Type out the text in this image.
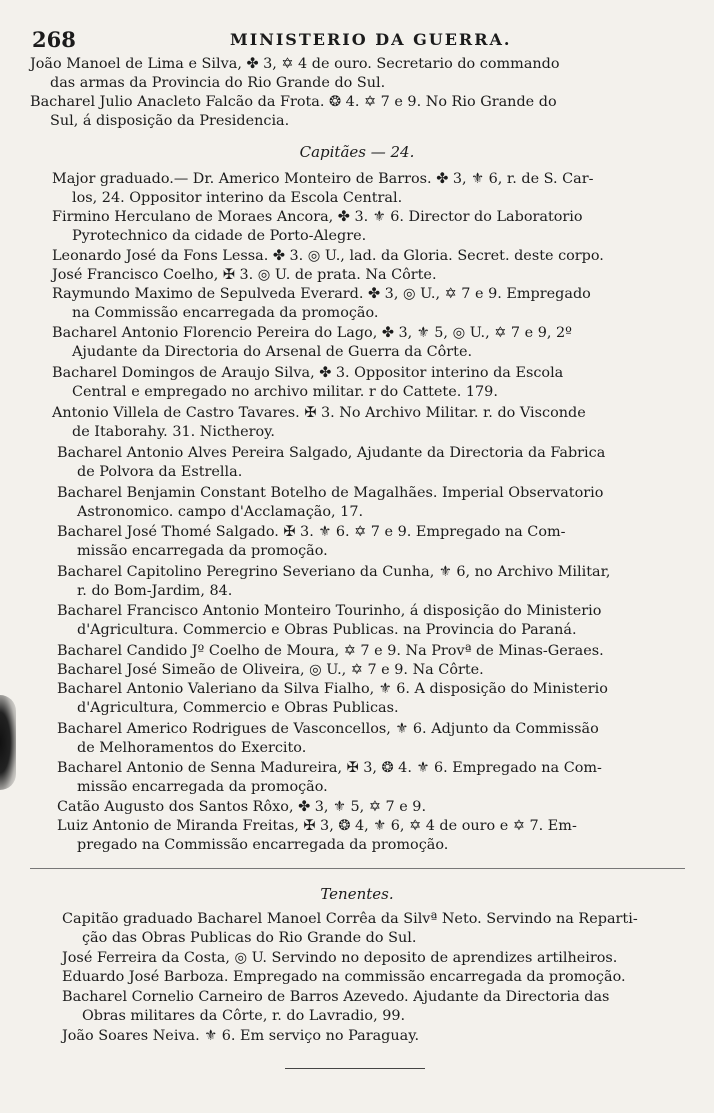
268	MINISTERIO DA GUERRA.
João Manoel de Lima e Silva, ✤ 3, ✡ 4 de ouro. Secretario do commando
das armas da Provincia do Rio Grande do Sul.
Bacharel Julio Anacleto Falcão da Frota. ❂ 4. ✡ 7 e 9. No Rio Grande do
Sul, á disposição da Presidencia.
Capitães — 24.
Major graduado.— Dr. Americo Monteiro de Barros. ✤ 3, ⚜ 6, r. de S. Car-
los, 24. Oppositor interino da Escola Central.
Firmino Herculano de Moraes Ancora, ✤ 3. ⚜ 6. Director do Laboratorio
Pyrotechnico da cidade de Porto-Alegre.
Leonardo José da Fons Lessa. ✤ 3. ◎ U., lad. da Gloria. Secret. deste corpo.
José Francisco Coelho, ✠ 3. ◎ U. de prata. Na Côrte.
Raymundo Maximo de Sepulveda Everard. ✤ 3, ◎ U., ✡ 7 e 9. Empregado
na Commissão encarregada da promoção.
Bacharel Antonio Florencio Pereira do Lago, ✤ 3, ⚜ 5, ◎ U., ✡ 7 e 9, 2º
Ajudante da Directoria do Arsenal de Guerra da Côrte.
Bacharel Domingos de Araujo Silva, ✤ 3. Oppositor interino da Escola
Central e empregado no archivo militar. r do Cattete. 179.
Antonio Villela de Castro Tavares. ✠ 3. No Archivo Militar. r. do Visconde
de Itaborahy. 31. Nictheroy.
Bacharel Antonio Alves Pereira Salgado, Ajudante da Directoria da Fabrica
de Polvora da Estrella.
Bacharel Benjamin Constant Botelho de Magalhães. Imperial Observatorio
Astronomico. campo d'Acclamação, 17.
Bacharel José Thomé Salgado. ✠ 3. ⚜ 6. ✡ 7 e 9. Empregado na Com-
missão encarregada da promoção.
Bacharel Capitolino Peregrino Severiano da Cunha, ⚜ 6, no Archivo Militar,
r. do Bom-Jardim, 84.
Bacharel Francisco Antonio Monteiro Tourinho, á disposição do Ministerio
d'Agricultura. Commercio e Obras Publicas. na Provincia do Paraná.
Bacharel Candido Jº Coelho de Moura, ✡ 7 e 9. Na Provª de Minas-Geraes.
Bacharel José Simeão de Oliveira, ◎ U., ✡ 7 e 9. Na Côrte.
Bacharel Antonio Valeriano da Silva Fialho, ⚜ 6. A disposição do Ministerio
d'Agricultura, Commercio e Obras Publicas.
Bacharel Americo Rodrigues de Vasconcellos, ⚜ 6. Adjunto da Commissão
de Melhoramentos do Exercito.
Bacharel Antonio de Senna Madureira, ✠ 3, ❂ 4. ⚜ 6. Empregado na Com-
missão encarregada da promoção.
Catão Augusto dos Santos Rôxo, ✤ 3, ⚜ 5, ✡ 7 e 9.
Luiz Antonio de Miranda Freitas, ✠ 3, ❂ 4, ⚜ 6, ✡ 4 de ouro e ✡ 7. Em-
pregado na Commissão encarregada da promoção.
Tenentes.
Capitão graduado Bacharel Manoel Corrêa da Silvª Neto. Servindo na Reparti-
ção das Obras Publicas do Rio Grande do Sul.
José Ferreira da Costa, ◎ U. Servindo no deposito de aprendizes artilheiros.
Eduardo José Barboza. Empregado na commissão encarregada da promoção.
Bacharel Cornelio Carneiro de Barros Azevedo. Ajudante da Directoria das
Obras militares da Côrte, r. do Lavradio, 99.
João Soares Neiva. ⚜ 6. Em serviço no Paraguay.
